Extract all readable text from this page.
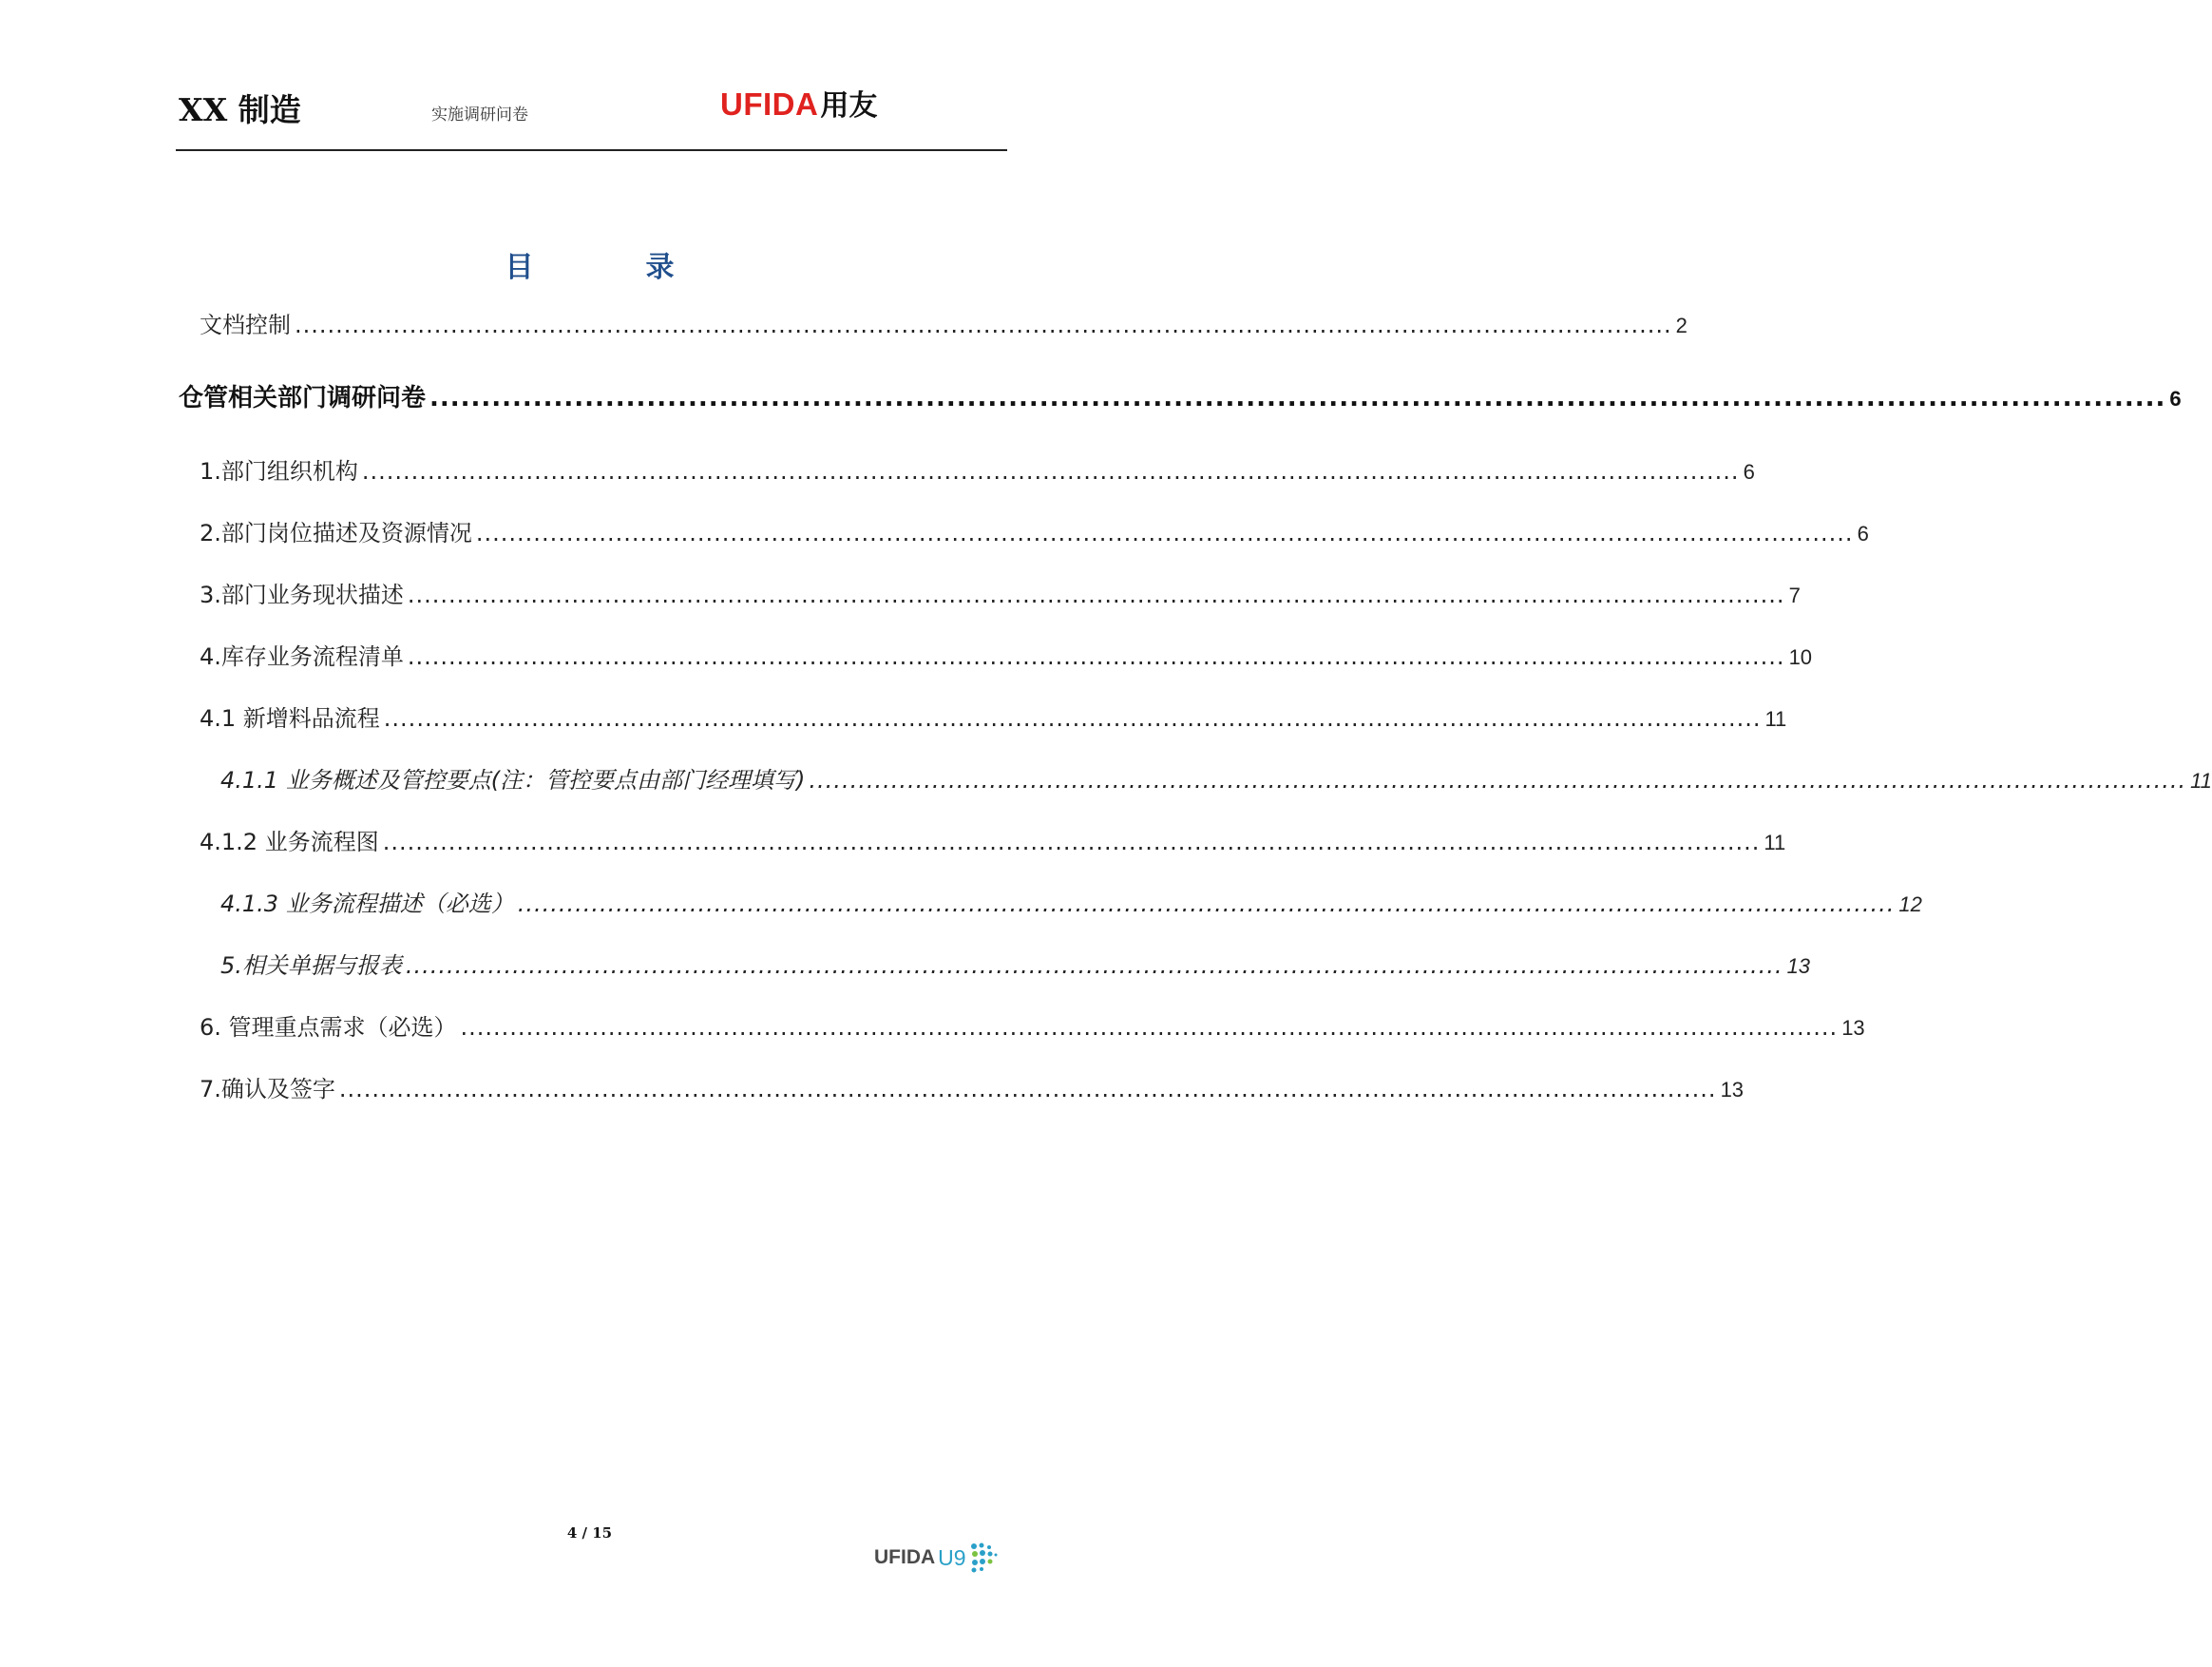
XX 制造	实施调研问卷	UFIDA 用友
目	录
文档控制 ........................................................................................................................................................................ 2
仓管相关部门调研问卷 ........................................................................................................................................................................ 6
1.部门组织机构 ........................................................................................................................................................................ 6
2.部门岗位描述及资源情况 ........................................................................................................................................................................ 6
3.部门业务现状描述 ........................................................................................................................................................................ 7
4.库存业务流程清单 ........................................................................................................................................................................ 10
4.1 新增料品流程 ........................................................................................................................................................................ 11
4.1.1 业务概述及管控要点(注：管控要点由部门经理填写) ........................................................................................................................................................................ 11
4.1.2 业务流程图 ........................................................................................................................................................................ 11
4.1.3 业务流程描述（必选） ........................................................................................................................................................................ 12
5.相关单据与报表 ........................................................................................................................................................................ 13
6. 管理重点需求（必选） ........................................................................................................................................................................ 13
7.确认及签字 ........................................................................................................................................................................ 13
4 / 15
UFIDA U9
